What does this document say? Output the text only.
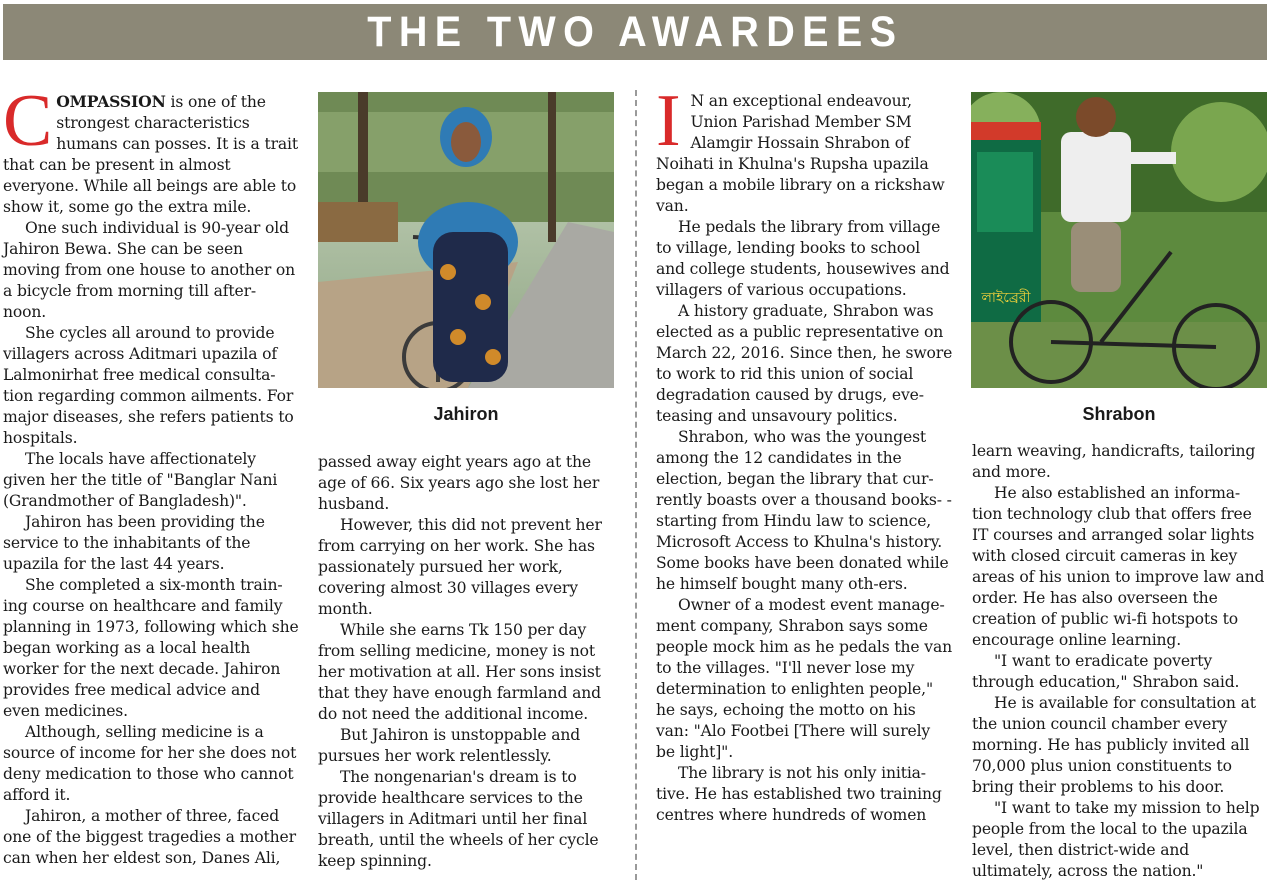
THE TWO AWARDEES

COMPASSION is one of the strongest characteristics humans can posses. It is a trait that can be present in almost everyone. While all beings are able to show it, some go the extra mile.

One such individual is 90-year old Jahiron Bewa. She can be seen moving from one house to another on a bicycle from morning till after-noon.

She cycles all around to provide villagers across Aditmari upazila of Lalmonirhat free medical consulta-tion regarding common ailments. For major diseases, she refers patients to hospitals.

The locals have affectionately given her the title of "Banglar Nani (Grandmother of Bangladesh)".

Jahiron has been providing the service to the inhabitants of the upazila for the last 44 years.

She completed a six-month train-ing course on healthcare and family planning in 1973, following which she began working as a local health worker for the next decade. Jahiron provides free medical advice and even medicines.

Although, selling medicine is a source of income for her she does not deny medication to those who cannot afford it.

Jahiron, a mother of three, faced one of the biggest tragedies a mother can when her eldest son, Danes Ali,

Jahiron

passed away eight years ago at the age of 66. Six years ago she lost her husband.

However, this did not prevent her from carrying on her work. She has passionately pursued her work, covering almost 30 villages every month.

While she earns Tk 150 per day from selling medicine, money is not her motivation at all. Her sons insist that they have enough farmland and do not need the additional income.

But Jahiron is unstoppable and pursues her work relentlessly.

The nongenarian's dream is to provide healthcare services to the villagers in Aditmari until her final breath, until the wheels of her cycle keep spinning.

I N an exceptional endeavour, Union Parishad Member SM Alamgir Hossain Shrabon of Noihati in Khulna's Rupsha upazila began a mobile library on a rickshaw van.

He pedals the library from village to village, lending books to school and college students, housewives and villagers of various occupations.

A history graduate, Shrabon was elected as a public representative on March 22, 2016. Since then, he swore to work to rid this union of social degradation caused by drugs, eve-teasing and unsavoury politics.

Shrabon, who was the youngest among the 12 candidates in the election, began the library that cur-rently boasts over a thousand books- - starting from Hindu law to science, Microsoft Access to Khulna's history. Some books have been donated while he himself bought many oth-ers.

Owner of a modest event manage-ment company, Shrabon says some people mock him as he pedals the van to the villages. "I'll never lose my determination to enlighten people," he says, echoing the motto on his van: "Alo Footbei [There will surely be light]".

The library is not his only initia-tive. He has established two training centres where hundreds of women

লাইব্রেরী
Shrabon

learn weaving, handicrafts, tailoring and more.

He also established an informa-tion technology club that offers free IT courses and arranged solar lights with closed circuit cameras in key areas of his union to improve law and order. He has also overseen the creation of public wi-fi hotspots to encourage online learning.

"I want to eradicate poverty through education," Shrabon said.

He is available for consultation at the union council chamber every morning. He has publicly invited all 70,000 plus union constituents to bring their problems to his door.

"I want to take my mission to help people from the local to the upazila level, then district-wide and ultimately, across the nation."
